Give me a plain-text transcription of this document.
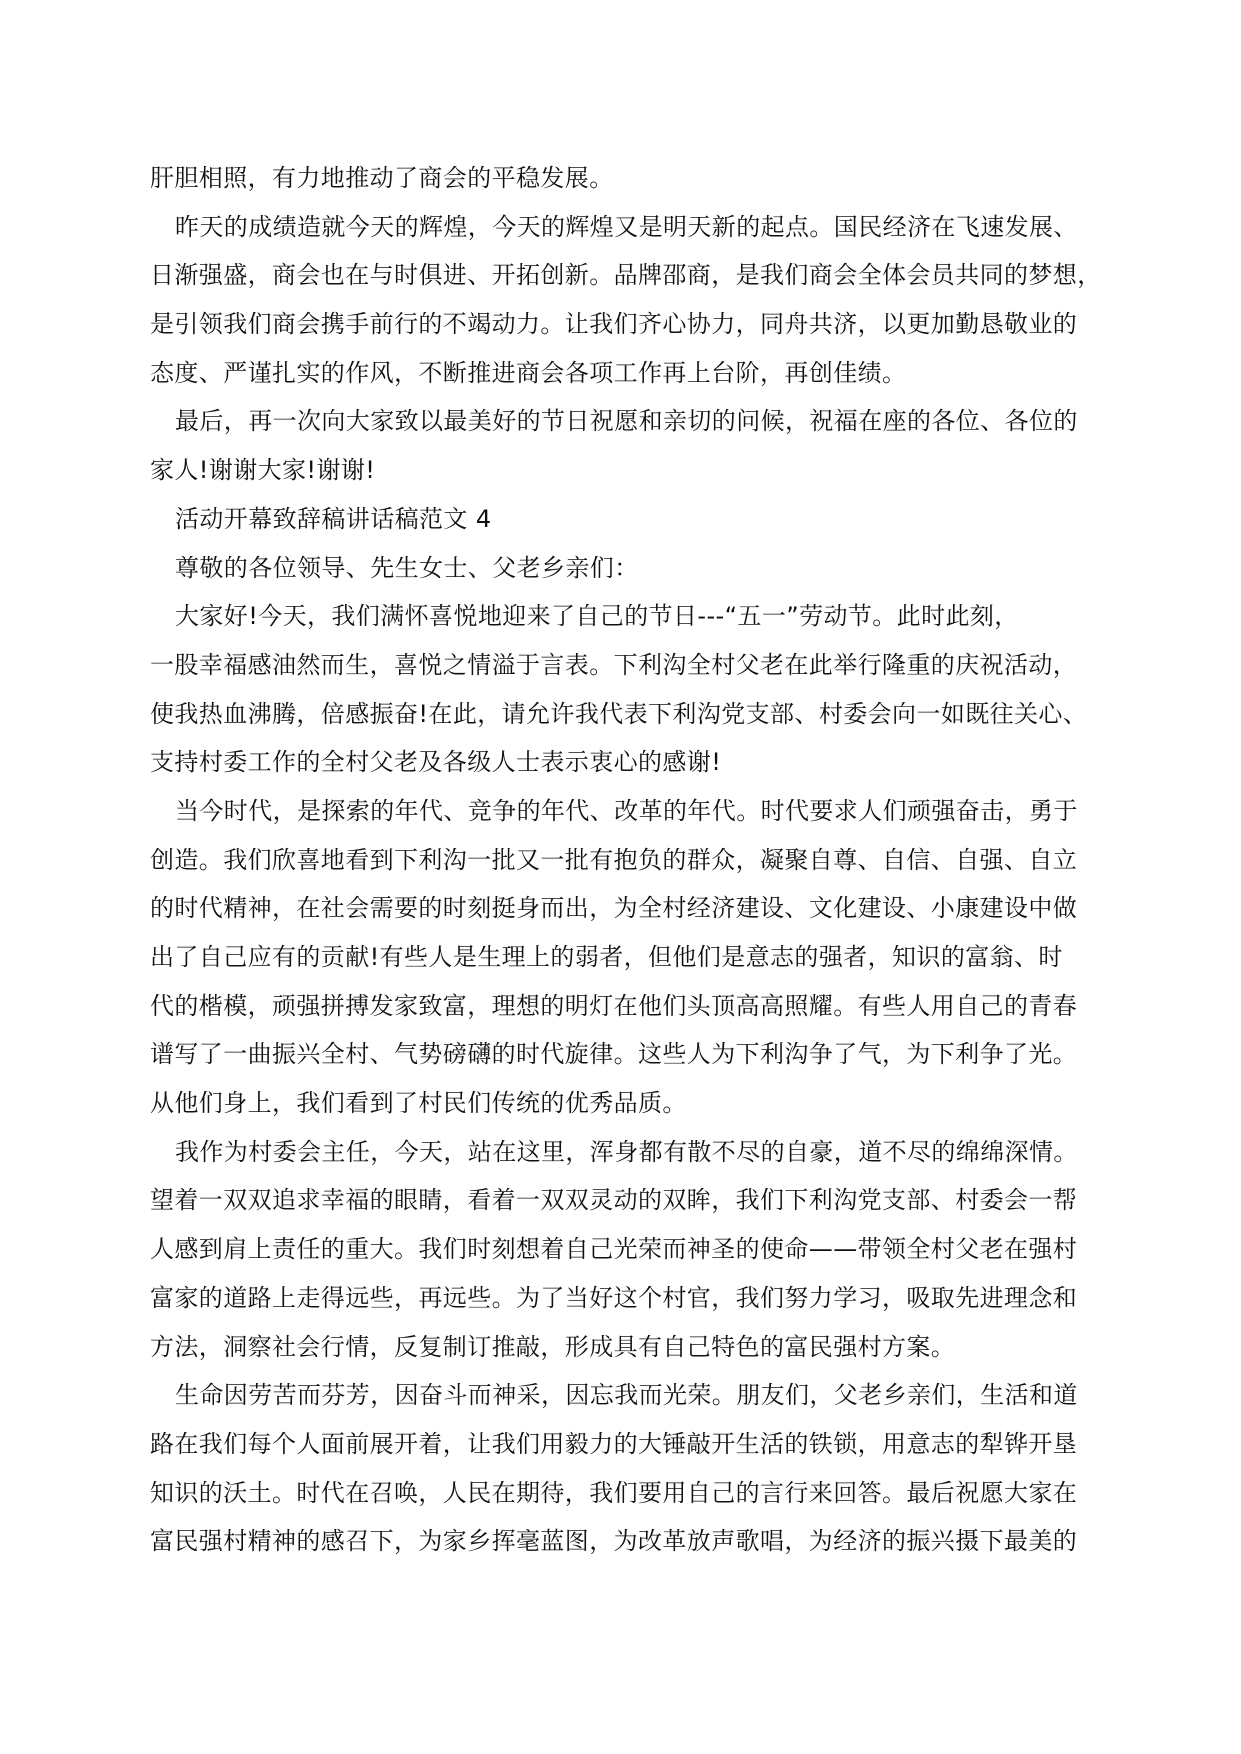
肝胆相照，有力地推动了商会的平稳发展。
昨天的成绩造就今天的辉煌，今天的辉煌又是明天新的起点。国民经济在飞速发展、
日渐强盛，商会也在与时俱进、开拓创新。品牌邵商，是我们商会全体会员共同的梦想，
是引领我们商会携手前行的不竭动力。让我们齐心协力，同舟共济，以更加勤恳敬业的
态度、严谨扎实的作风，不断推进商会各项工作再上台阶，再创佳绩。
最后，再一次向大家致以最美好的节日祝愿和亲切的问候，祝福在座的各位、各位的
家人!谢谢大家!谢谢!
活动开幕致辞稿讲话稿范文 4
尊敬的各位领导、先生女士、父老乡亲们：
大家好!今天，我们满怀喜悦地迎来了自己的节日---“五一”劳动节。此时此刻，
一股幸福感油然而生，喜悦之情溢于言表。下利沟全村父老在此举行隆重的庆祝活动，
使我热血沸腾，倍感振奋!在此，请允许我代表下利沟党支部、村委会向一如既往关心、
支持村委工作的全村父老及各级人士表示衷心的感谢!
当今时代，是探索的年代、竞争的年代、改革的年代。时代要求人们顽强奋击，勇于
创造。我们欣喜地看到下利沟一批又一批有抱负的群众，凝聚自尊、自信、自强、自立
的时代精神，在社会需要的时刻挺身而出，为全村经济建设、文化建设、小康建设中做
出了自己应有的贡献!有些人是生理上的弱者，但他们是意志的强者，知识的富翁、时
代的楷模，顽强拼搏发家致富，理想的明灯在他们头顶高高照耀。有些人用自己的青春
谱写了一曲振兴全村、气势磅礴的时代旋律。这些人为下利沟争了气，为下利争了光。
从他们身上，我们看到了村民们传统的优秀品质。
我作为村委会主任，今天，站在这里，浑身都有散不尽的自豪，道不尽的绵绵深情。
望着一双双追求幸福的眼睛，看着一双双灵动的双眸，我们下利沟党支部、村委会一帮
人感到肩上责任的重大。我们时刻想着自己光荣而神圣的使命——带领全村父老在强村
富家的道路上走得远些，再远些。为了当好这个村官，我们努力学习，吸取先进理念和
方法，洞察社会行情，反复制订推敲，形成具有自己特色的富民强村方案。
生命因劳苦而芬芳，因奋斗而神采，因忘我而光荣。朋友们，父老乡亲们，生活和道
路在我们每个人面前展开着，让我们用毅力的大锤敲开生活的铁锁，用意志的犁铧开垦
知识的沃土。时代在召唤，人民在期待，我们要用自己的言行来回答。最后祝愿大家在
富民强村精神的感召下，为家乡挥毫蓝图，为改革放声歌唱，为经济的振兴摄下最美的
